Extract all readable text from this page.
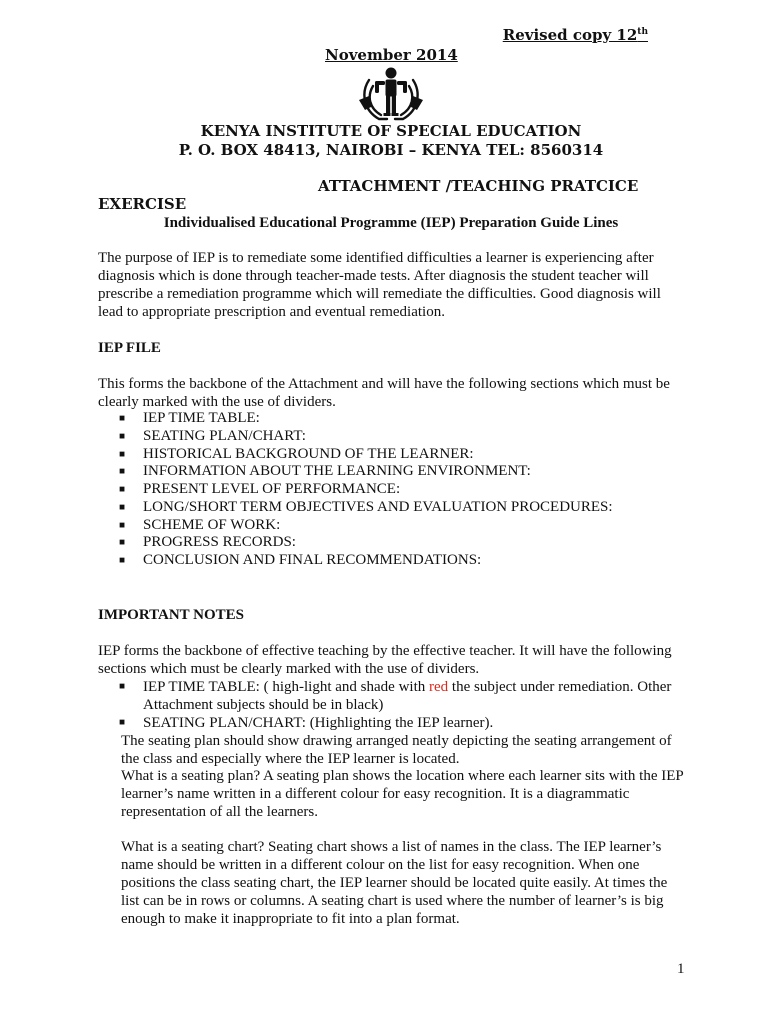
Revised copy 12th

November 2014

KENYA INSTITUTE OF SPECIAL EDUCATION

P. O. BOX 48413, NAIROBI – KENYA TEL: 8560314

ATTACHMENT /TEACHING PRATCICE

EXERCISE

Individualised Educational Programme (IEP) Preparation Guide Lines

The purpose of IEP is to remediate some identified difficulties a learner is experiencing after diagnosis which is done through teacher-made tests. After diagnosis the student teacher will prescribe a remediation programme which will remediate the difficulties. Good diagnosis will lead to appropriate prescription and eventual remediation.

IEP FILE

This forms the backbone of the Attachment and will have the following sections which must be clearly marked with the use of dividers.

■ IEP TIME TABLE:
■ SEATING PLAN/CHART:
■ HISTORICAL BACKGROUND OF THE LEARNER:
■ INFORMATION ABOUT THE LEARNING ENVIRONMENT:
■ PRESENT LEVEL OF PERFORMANCE:
■ LONG/SHORT TERM OBJECTIVES AND EVALUATION PROCEDURES:
■ SCHEME OF WORK:
■ PROGRESS RECORDS:
■ CONCLUSION AND FINAL RECOMMENDATIONS:

IMPORTANT NOTES

IEP forms the backbone of effective teaching by the effective teacher. It will have the following sections which must be clearly marked with the use of dividers.

■ IEP TIME TABLE: ( high-light and shade with red the subject under remediation. Other Attachment subjects should be in black)
■ SEATING PLAN/CHART: (Highlighting the IEP learner).

The seating plan should show drawing arranged neatly depicting the seating arrangement of the class and especially where the IEP learner is located.

What is a seating plan? A seating plan shows the location where each learner sits with the IEP learner’s name written in a different colour for easy recognition. It is a diagrammatic representation of all the learners.

What is a seating chart? Seating chart shows a list of names in the class. The IEP learner’s name should be written in a different colour on the list for easy recognition. When one positions the class seating chart, the IEP learner should be located quite easily. At times the list can be in rows or columns. A seating chart is used where the number of learner’s is big enough to make it inappropriate to fit into a plan format.

1
